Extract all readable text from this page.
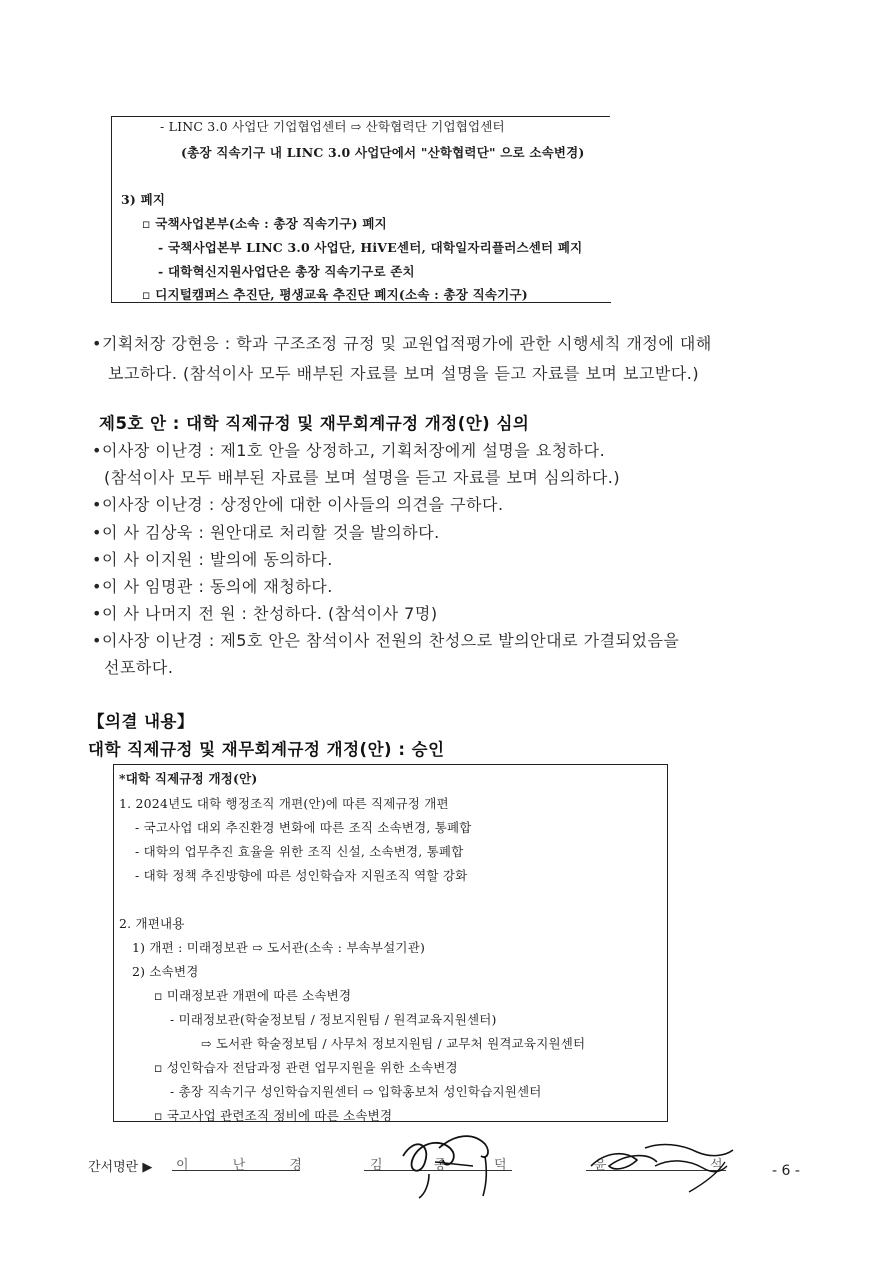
- LINC 3.0 사업단 기업협업센터 ⇨ 산학협력단 기업협업센터
(총장 직속기구 내 LINC 3.0 사업단에서 "산학협력단" 으로 소속변경)
3) 폐지
▫ 국책사업본부(소속 : 총장 직속기구) 폐지
- 국책사업본부 LINC 3.0 사업단, HiVE센터, 대학일자리플러스센터 폐지
- 대학혁신지원사업단은 총장 직속기구로 존치
▫ 디지털캠퍼스 추진단, 평생교육 추진단 폐지(소속 : 총장 직속기구)
•기획처장 강현응 : 학과 구조조정 규정 및 교원업적평가에 관한 시행세칙 개정에 대해
보고하다. (참석이사 모두 배부된 자료를 보며 설명을 듣고 자료를 보며 보고받다.)
제5호 안 : 대학 직제규정 및 재무회계규정 개정(안) 심의
•이사장 이난경 : 제1호 안을 상정하고, 기획처장에게 설명을 요청하다.
(참석이사 모두 배부된 자료를 보며 설명을 듣고 자료를 보며 심의하다.)
•이사장 이난경 : 상정안에 대한 이사들의 의견을 구하다.
•이 사 김상욱 : 원안대로 처리할 것을 발의하다.
•이 사 이지원 : 발의에 동의하다.
•이 사 임명관 : 동의에 재청하다.
•이 사 나머지 전 원 : 찬성하다. (참석이사 7명)
•이사장 이난경 : 제5호 안은 참석이사 전원의 찬성으로 발의안대로 가결되었음을
선포하다.
【의결 내용】
대학 직제규정 및 재무회계규정 개정(안) : 승인
*대학 직제규정 개정(안)
1. 2024년도 대학 행정조직 개편(안)에 따른 직제규정 개편
- 국고사업 대외 추진환경 변화에 따른 조직 소속변경, 통폐합
- 대학의 업무추진 효율을 위한 조직 신설, 소속변경, 통폐합
- 대학 정책 추진방향에 따른 성인학습자 지원조직 역할 강화
2. 개편내용
1) 개편 : 미래정보관 ⇨ 도서관(소속 : 부속부설기관)
2) 소속변경
▫ 미래정보관 개편에 따른 소속변경
- 미래정보관(학술정보팀 / 정보지원팀 / 원격교육지원센터)
⇨ 도서관 학술정보팀 / 사무처 정보지원팀 / 교무처 원격교육지원센터
▫ 성인학습자 전담과정 관련 업무지원을 위한 소속변경
- 총장 직속기구 성인학습지원센터 ⇨ 입학홍보처 성인학습지원센터
▫ 국고사업 관련조직 정비에 따른 소속변경
간서명란 ▶ 이 난 경	김	종	덕	윤	석	- 6 -
